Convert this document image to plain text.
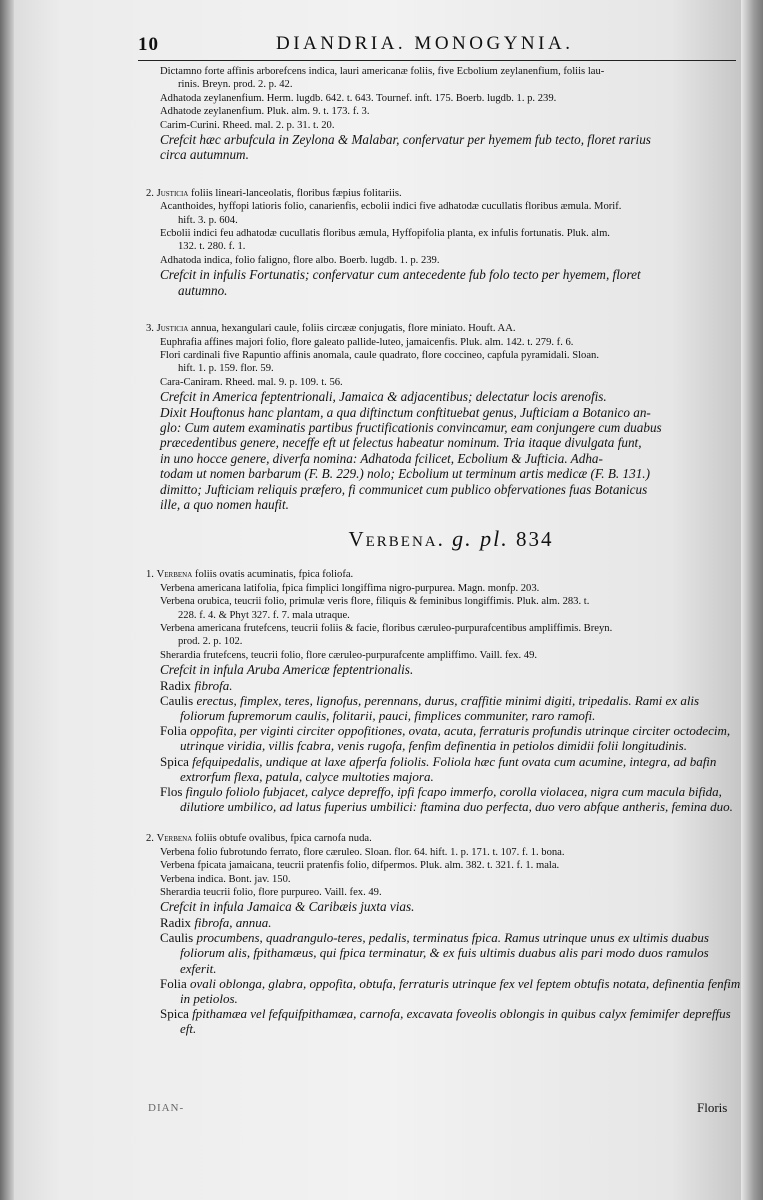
10	DIANDRIA. MONOGYNIA.

Dictamno forte affinis arborefcens indica, lauri americanæ foliis, five Ecbolium zeylanenfium, foliis lau-

rinis. Breyn. prod. 2. p. 42.

Adhatoda zeylanenfium. Herm. lugdb. 642. t. 643. Tournef. inft. 175. Boerb. lugdb. 1. p. 239.

Adhatode zeylanenfium. Pluk. alm. 9. t. 173. f. 3.

Carim-Curini. Rheed. mal. 2. p. 31. t. 20.

Crefcit hæc arbufcula in Zeylona & Malabar, confervatur per hyemem fub tecto, floret rarius

circa autumnum.

2. Justicia foliis lineari-lanceolatis, floribus fæpius folitariis.

Acanthoides, hyffopi latioris folio, canarienfis, ecbolii indici five adhatodæ cucullatis floribus æmula. Morif.

hift. 3. p. 604.

Ecbolii indici feu adhatodæ cucullatis floribus æmula, Hyffopifolia planta, ex infulis fortunatis. Pluk. alm.

132. t. 280. f. 1.

Adhatoda indica, folio faligno, flore albo. Boerb. lugdb. 1. p. 239.

Crefcit in infulis Fortunatis; confervatur cum antecedente fub folo tecto per hyemem, floret

autumno.

3. Justicia annua, hexangulari caule, foliis circææ conjugatis, flore miniato. Houft. AA.

Euphrafia affines majori folio, flore galeato pallide-luteo, jamaicenfis. Pluk. alm. 142. t. 279. f. 6.

Flori cardinali five Rapuntio affinis anomala, caule quadrato, flore coccineo, capfula pyramidali. Sloan.

hift. 1. p. 159. flor. 59.

Cara-Caniram. Rheed. mal. 9. p. 109. t. 56.

Crefcit in America feptentrionali, Jamaica & adjacentibus; delectatur locis arenofis.

Dixit Houftonus hanc plantam, a qua diftinctum conftituebat genus, Jufticiam a Botanico an-

glo: Cum autem examinatis partibus fructificationis convincamur, eam conjungere cum duabus

præcedentibus genere, neceffe eft ut felectus habeatur nominum. Tria itaque divulgata funt,

in uno hocce genere, diverfa nomina: Adhatoda fcilicet, Ecbolium & Jufticia. Adha-

todam ut nomen barbarum (F. B. 229.) nolo; Ecbolium ut terminum artis medicæ (F. B. 131.)

dimitto; Jufticiam reliquis præfero, fi communicet cum publico obfervationes fuas Botanicus

ille, a quo nomen haufit.

Verbena. g. pl. 834

1. Verbena foliis ovatis acuminatis, fpica foliofa.

Verbena americana latifolia, fpica fimplici longiffima nigro-purpurea. Magn. monfp. 203.

Verbena orubica, teucrii folio, primulæ veris flore, filiquis & feminibus longiffimis. Pluk. alm. 283. t.

228. f. 4. & Phyt 327. f. 7. mala utraque.

Verbena americana frutefcens, teucrii foliis & facie, floribus cæruleo-purpurafcentibus ampliffimis. Breyn.

prod. 2. p. 102.

Sherardia frutefcens, teucrii folio, flore cæruleo-purpurafcente ampliffimo. Vaill. fex. 49.

Crefcit in infula Aruba Americæ feptentrionalis.

Radix fibrofa.

Caulis erectus, fimplex, teres, lignofus, perennans, durus, craffitie minimi digiti, tripedalis. Rami ex alis foliorum fupremorum caulis, folitarii, pauci, fimplices communiter, raro ramofi.

Folia oppofita, per viginti circiter oppofitiones, ovata, acuta, ferraturis profundis utrinque circiter octodecim, utrinque viridia, villis fcabra, venis rugofa, fenfim definentia in petiolos dimidii folii longitudinis.

Spica fefquipedalis, undique at laxe afperfa foliolis. Foliola hæc funt ovata cum acumine, integra, ad bafin extrorfum flexa, patula, calyce multoties majora.

Flos fingulo foliolo fubjacet, calyce depreffo, ipfi fcapo immerfo, corolla violacea, nigra cum macula bifida, dilutiore umbilico, ad latus fuperius umbilici: ftamina duo perfecta, duo vero abfque antheris, femina duo.

2. Verbena foliis obtufe ovalibus, fpica carnofa nuda.

Verbena folio fubrotundo ferrato, flore cæruleo. Sloan. flor. 64. hift. 1. p. 171. t. 107. f. 1. bona.

Verbena fpicata jamaicana, teucrii pratenfis folio, difpermos. Pluk. alm. 382. t. 321. f. 1. mala.

Verbena indica. Bont. jav. 150.

Sherardia teucrii folio, flore purpureo. Vaill. fex. 49.

Crefcit in infula Jamaica & Caribæis juxta vias.

Radix fibrofa, annua.

Caulis procumbens, quadrangulo-teres, pedalis, terminatus fpica. Ramus utrinque unus ex ultimis duabus foliorum alis, fpithamæus, qui fpica terminatur, & ex fuis ultimis duabus alis pari modo duos ramulos exferit.

Folia ovali oblonga, glabra, oppofita, obtufa, ferraturis utrinque fex vel feptem obtufis notata, definentia fenfim in petiolos.

Spica fpithamæa vel fefquifpithamæa, carnofa, excavata foveolis oblongis in quibus calyx femimifer depreffus eft.

DIAN-	Floris
